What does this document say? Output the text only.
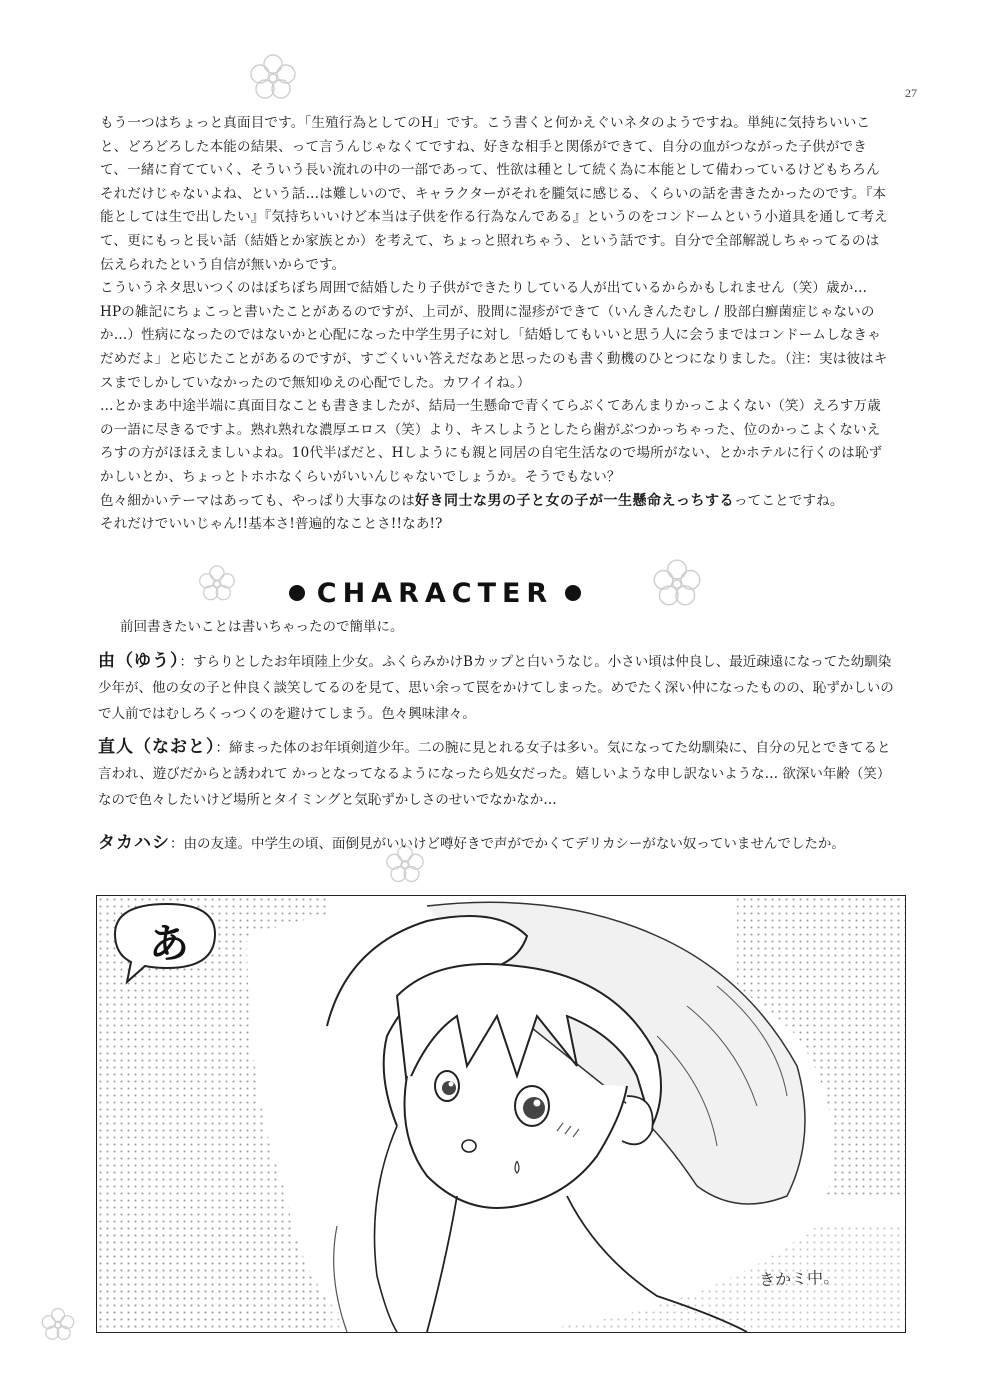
27

もう一つはちょっと真面目です。「生殖行為としてのH」です。こう書くと何かえぐいネタのようですね。単純に気持ちいいこと、どろどろした本能の結果、って言うんじゃなくてですね、好きな相手と関係ができて、自分の血がつながった子供ができて、一緒に育てていく、そういう長い流れの中の一部であって、性欲は種として続く為に本能として備わっているけどもちろんそれだけじゃないよね、という話…は難しいので、キャラクターがそれを朧気に感じる、くらいの話を書きたかったのです。『本能としては生で出したい』『気持ちいいけど本当は子供を作る行為なんである』というのをコンドームという小道具を通して考えて、更にもっと長い話（結婚とか家族とか）を考えて、ちょっと照れちゃう、という話です。自分で全部解説しちゃってるのは伝えられたという自信が無いからです。

こういうネタ思いつくのはぼちぼち周囲で結婚したり子供ができたりしている人が出ているからかもしれません（笑）歳か…

HPの雑記にちょこっと書いたことがあるのですが、上司が、股間に湿疹ができて（いんきんたむし / 股部白癬菌症じゃないのか…）性病になったのではないかと心配になった中学生男子に対し「結婚してもいいと思う人に会うまではコンドームしなきゃだめだよ」と応じたことがあるのですが、すごくいい答えだなあと思ったのも書く動機のひとつになりました。（注：実は彼はキスまでしかしていなかったので無知ゆえの心配でした。カワイイね。）

…とかまあ中途半端に真面目なことも書きましたが、結局一生懸命で青くてらぶくてあんまりかっこよくない（笑）えろす万歳の一語に尽きるですよ。熟れ熟れな濃厚エロス（笑）より、キスしようとしたら歯がぶつかっちゃった、位のかっこよくないえろすの方がほほえましいよね。10代半ばだと、Hしようにも親と同居の自宅生活なので場所がない、とかホテルに行くのは恥ずかしいとか、ちょっとトホホなくらいがいいんじゃないでしょうか。そうでもない？

色々細かいテーマはあっても、やっぱり大事なのは好き同士な男の子と女の子が一生懸命えっちするってことですね。

それだけでいいじゃん!!基本さ!普遍的なことさ!!なあ!?

CHARACTER
前回書きたいことは書いちゃったので簡単に。
由（ゆう）：すらりとしたお年頃陸上少女。ふくらみかけBカップと白いうなじ。小さい頃は仲良し、最近疎遠になってた幼馴染少年が、他の女の子と仲良く談笑してるのを見て、思い余って罠をかけてしまった。めでたく深い仲になったものの、恥ずかしいので人前ではむしろくっつくのを避けてしまう。色々興味津々。
直人（なおと）：締まった体のお年頃剣道少年。二の腕に見とれる女子は多い。気になってた幼馴染に、自分の兄とできてると言われ、遊びだからと誘われて かっとなってなるようになったら処女だった。嬉しいような申し訳ないような… 欲深い年齢（笑）なので色々したいけど場所とタイミングと気恥ずかしさのせいでなかなか…
タカハシ：由の友達。中学生の頃、面倒見がいいけど噂好きで声がでかくてデリカシーがない奴っていませんでしたか。
あ
きかミ中。
